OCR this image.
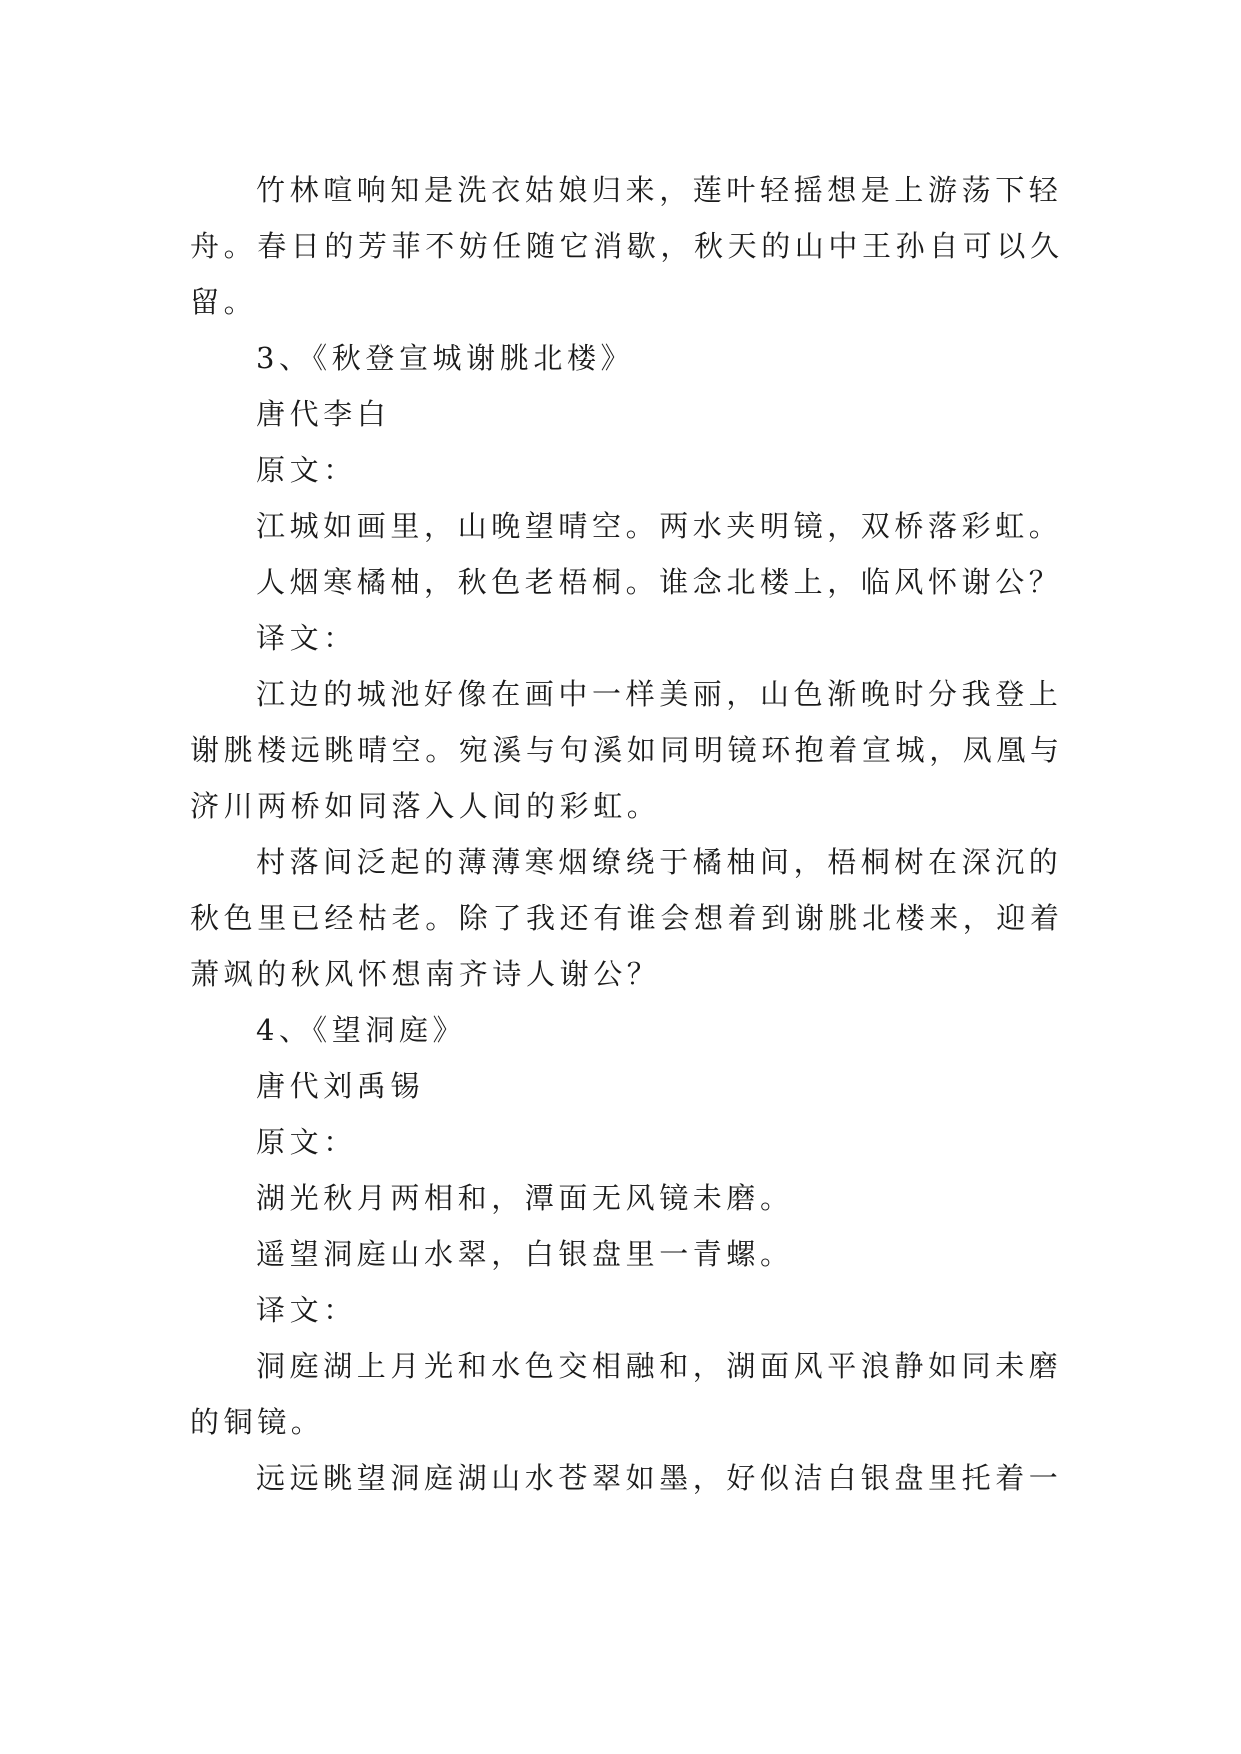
竹林喧响知是洗衣姑娘归来，莲叶轻摇想是上游荡下轻
舟。春日的芳菲不妨任随它消歇，秋天的山中王孙自可以久
留。
3、《秋登宣城谢朓北楼》
唐代李白
原文：
江城如画里，山晚望晴空。两水夹明镜，双桥落彩虹。
人烟寒橘柚，秋色老梧桐。谁念北楼上，临风怀谢公？
译文：
江边的城池好像在画中一样美丽，山色渐晚时分我登上
谢朓楼远眺晴空。宛溪与句溪如同明镜环抱着宣城，凤凰与
济川两桥如同落入人间的彩虹。
村落间泛起的薄薄寒烟缭绕于橘柚间，梧桐树在深沉的
秋色里已经枯老。除了我还有谁会想着到谢朓北楼来，迎着
萧飒的秋风怀想南齐诗人谢公？
4、《望洞庭》
唐代刘禹锡
原文：
湖光秋月两相和，潭面无风镜未磨。
遥望洞庭山水翠，白银盘里一青螺。
译文：
洞庭湖上月光和水色交相融和，湖面风平浪静如同未磨
的铜镜。
远远眺望洞庭湖山水苍翠如墨，好似洁白银盘里托着一
